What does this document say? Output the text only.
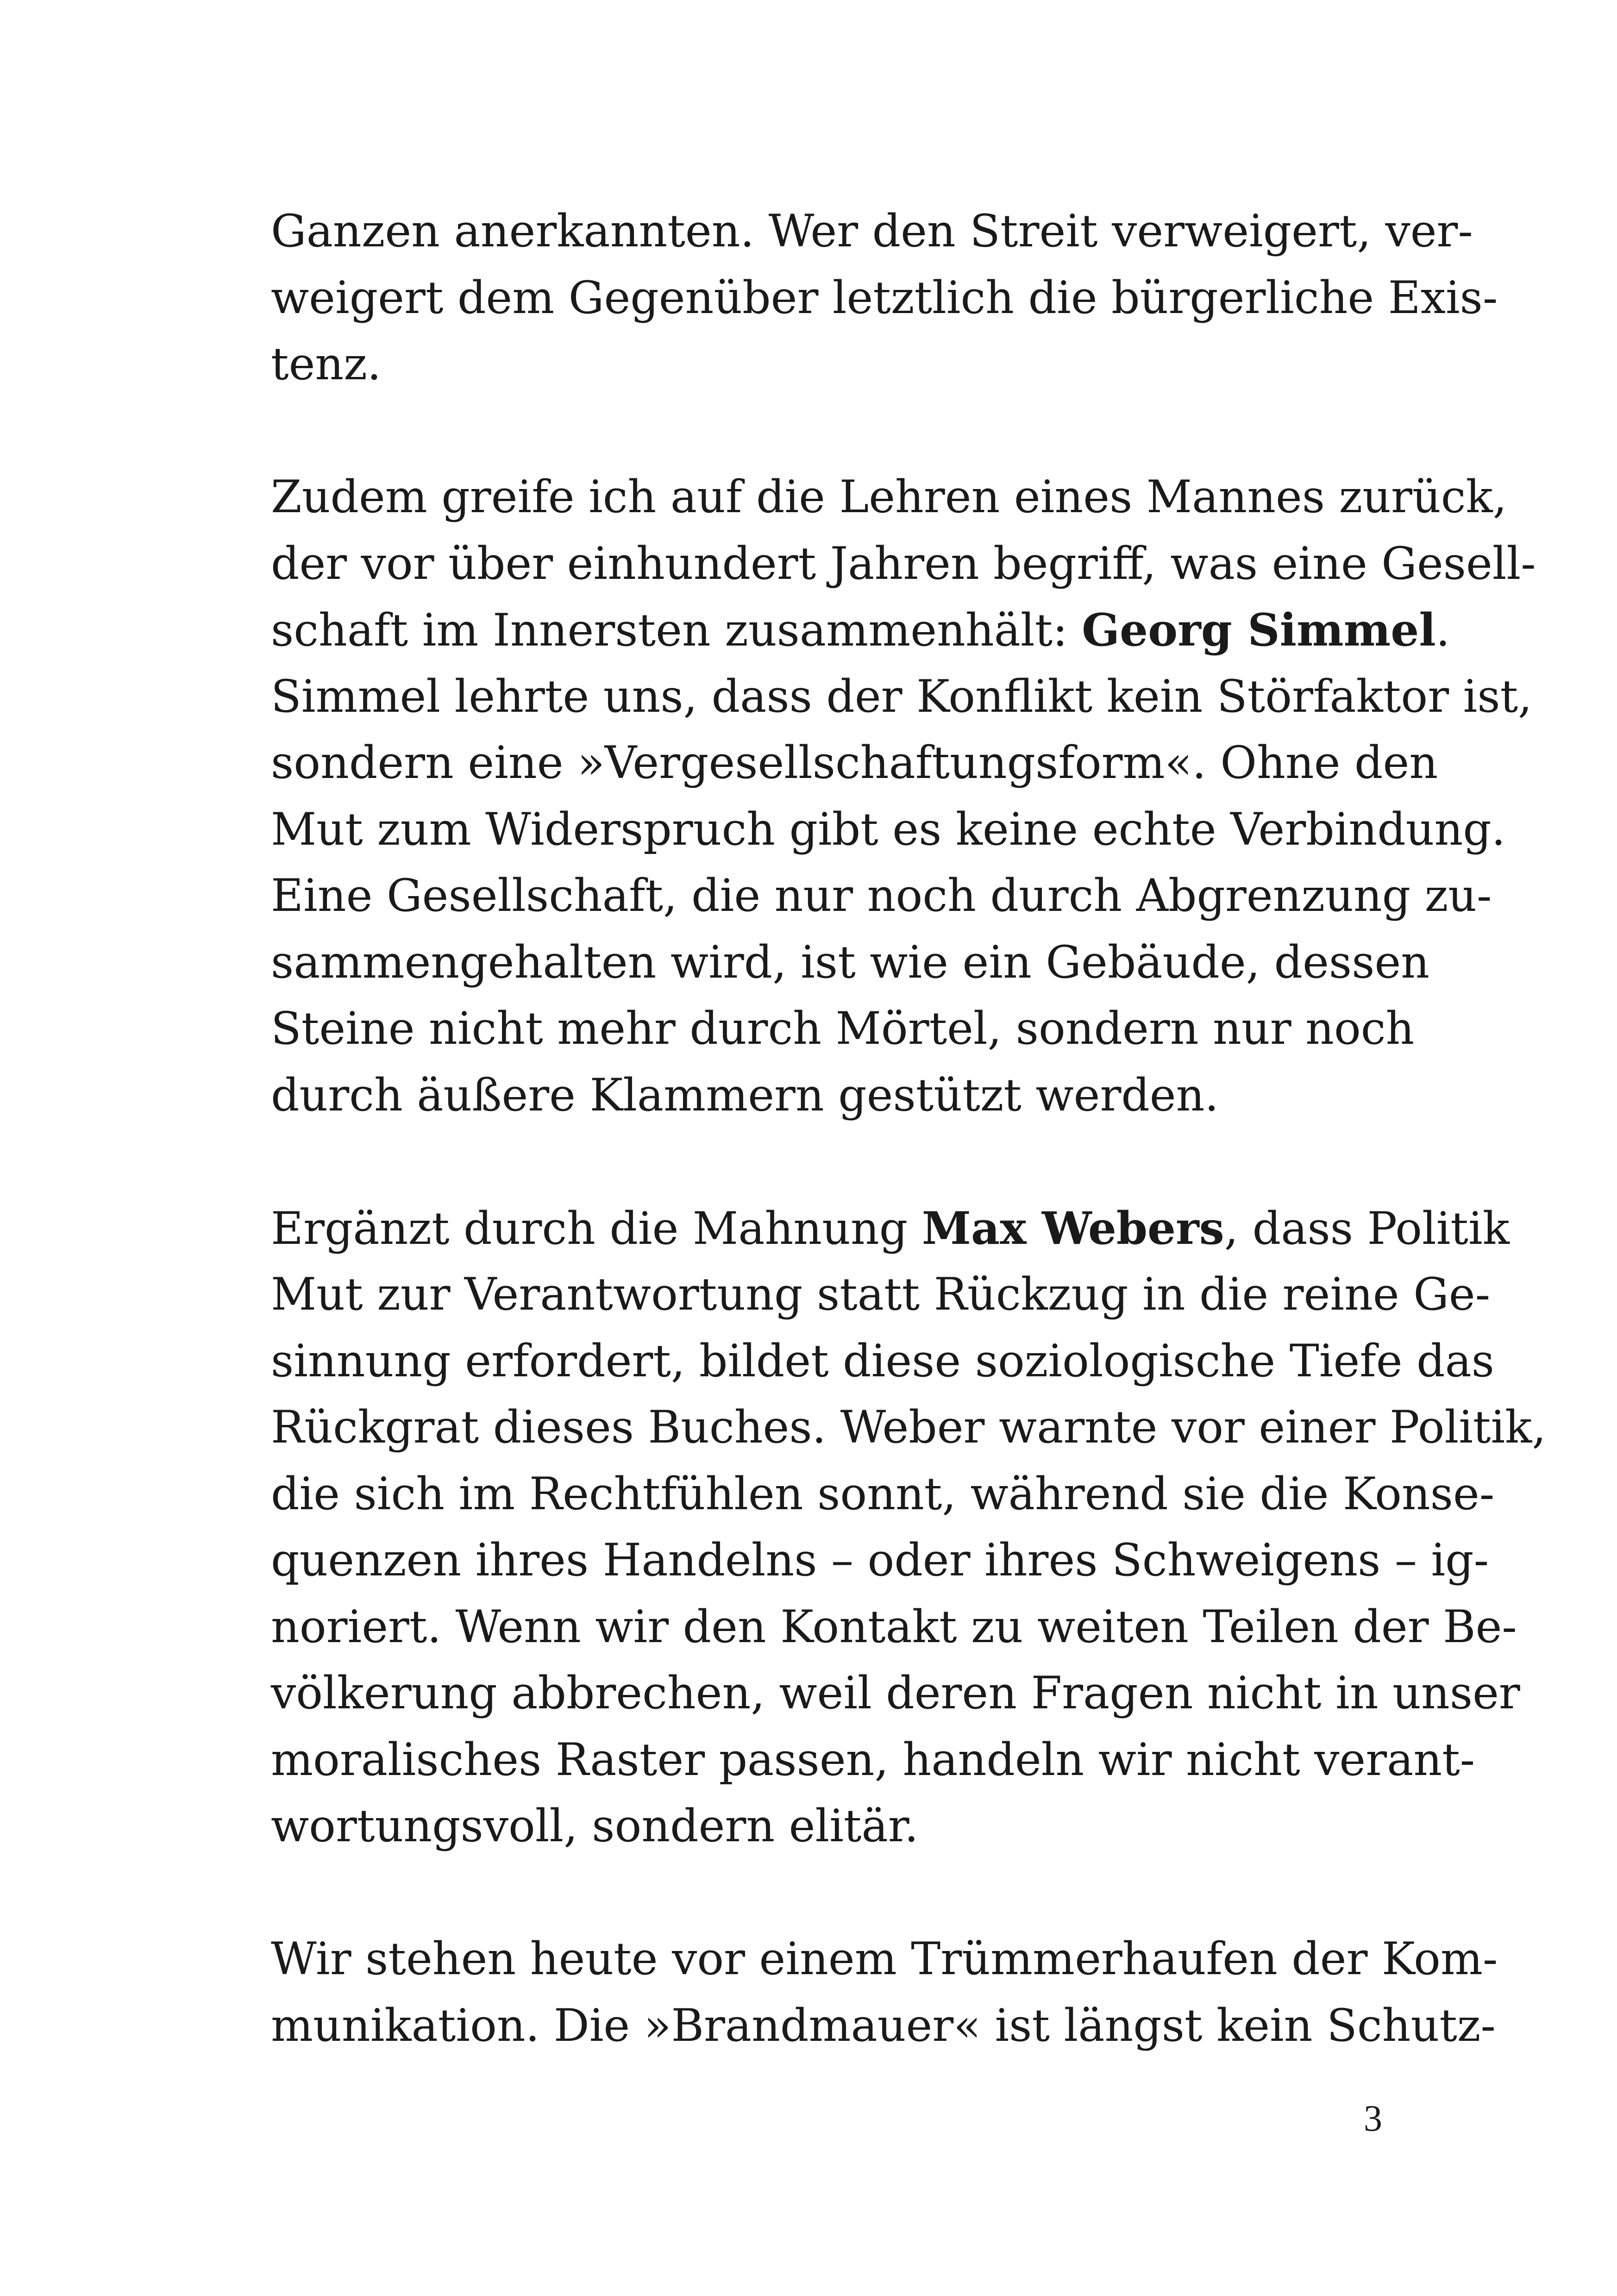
Ganzen anerkannten. Wer den Streit verweigert, ver-
weigert dem Gegenüber letztlich die bürgerliche Exis-
tenz.
Zudem greife ich auf die Lehren eines Mannes zurück,
der vor über einhundert Jahren begriff, was eine Gesell-
schaft im Innersten zusammenhält: Georg Simmel.
Simmel lehrte uns, dass der Konflikt kein Störfaktor ist,
sondern eine »Vergesellschaftungsform«. Ohne den
Mut zum Widerspruch gibt es keine echte Verbindung.
Eine Gesellschaft, die nur noch durch Abgrenzung zu-
sammengehalten wird, ist wie ein Gebäude, dessen
Steine nicht mehr durch Mörtel, sondern nur noch
durch äußere Klammern gestützt werden.
Ergänzt durch die Mahnung Max Webers, dass Politik
Mut zur Verantwortung statt Rückzug in die reine Ge-
sinnung erfordert, bildet diese soziologische Tiefe das
Rückgrat dieses Buches. Weber warnte vor einer Politik,
die sich im Rechtfühlen sonnt, während sie die Konse-
quenzen ihres Handelns – oder ihres Schweigens – ig-
noriert. Wenn wir den Kontakt zu weiten Teilen der Be-
völkerung abbrechen, weil deren Fragen nicht in unser
moralisches Raster passen, handeln wir nicht verant-
wortungsvoll, sondern elitär.
Wir stehen heute vor einem Trümmerhaufen der Kom-
munikation. Die »Brandmauer« ist längst kein Schutz-
3
